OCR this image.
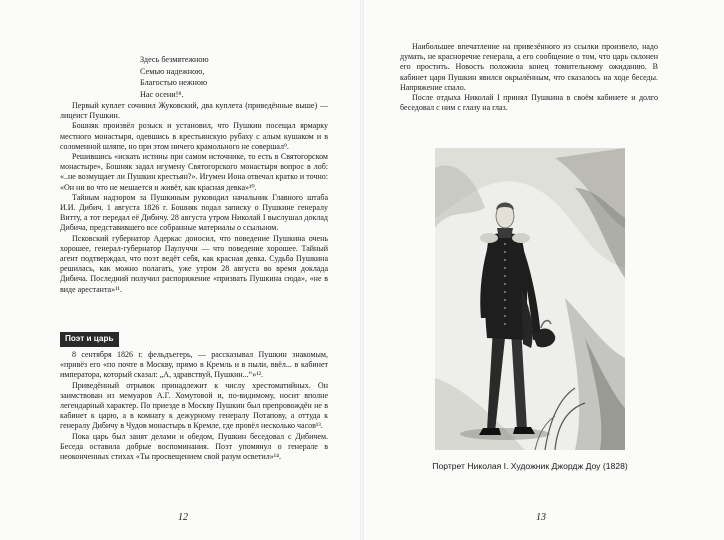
Здесь безмятежною
Семью надежною,
Благостью нежною
Нас осени!⁸.

Первый куплет сочинил Жуковский, два куплета (приведённые выше) — лицеист Пушкин.

Бошняк произвёл розыск и установил, что Пушкин посещал ярмарку местного монастыря, одевшись в крестьянскую рубаху с алым кушаком и в соломенной шляпе, но при этом ничего крамольного не совершал⁹.

Решившись «искать истины при самом источнике, то есть в Святогорском монастыре», Бошняк задал игумену Святогорского монастыря вопрос в лоб: «..не возмущает ли Пушкин крестьян?». Игумен Иона отвечал кратко и точно: «Он ни во что не мешается и живёт, как красная девка»¹⁰.

Тайным надзором за Пушкиным руководил начальник Главного штаба И.И. Дибич. 1 августа 1826 г. Бошняк подал записку о Пушкине генералу Витту, а тот передал её Дибичу. 28 августа утром Николай I выслушал доклад Дибича, представившего все собранные материалы о ссыльном.

Псковский губернатор Адеркас доносил, что поведение Пушкина очень хорошее, генерал-губернатор Паулуччи — что поведение хорошее. Тайный агент подтверждал, что поэт ведёт себя, как красная девка. Судьба Пушкина решилась, как можно полагать, уже утром 28 августа во время доклада Дибича. Последний получил распоряжение «призвать Пушкина сюда», «не в виде арестанта»¹¹.

Поэт и царь

8 сентября 1826 г. фельдъегерь, — рассказывал Пушкин знакомым, «привёз его «по почте в Москву, прямо в Кремль и в пыли, ввёл... в кабинет императора, который сказал: „А, здравствуй, Пушкин...“»¹².

Приведённый отрывок принадлежит к числу хрестоматийных. Он заимствован из мемуаров А.Г. Хомутовой и, по-видимому, носит вполне легендарный характер. По приезде в Москву Пушкин был препровождён не в кабинет к царю, а в комнату к дежурному генералу Потапову, а оттуда к генералу Дибичу в Чудов монастырь в Кремле, где провёл несколько часов¹³.

Пока царь был занят делами и обедом, Пушкин беседовал с Дибичем. Беседа оставила добрые воспоминания. Поэт упомянул о генерале в неоконченных стихах «Ты просвещением свой разум осветил»¹⁴.

12

Наибольшее впечатление на привезённого из ссылки произвело, надо думать, не красноречие генерала, а его сообщение о том, что царь склонен его простить. Новость положила конец томительному ожиданию. В кабинет царя Пушкин явился окрылённым, что сказалось на ходе беседы. Напряжение спало.

После отдыха Николай I принял Пушкина в своём кабинете и долго беседовал с ним с глазу на глаз.

Портрет Николая I. Художник Джордж Доу (1828)
13
